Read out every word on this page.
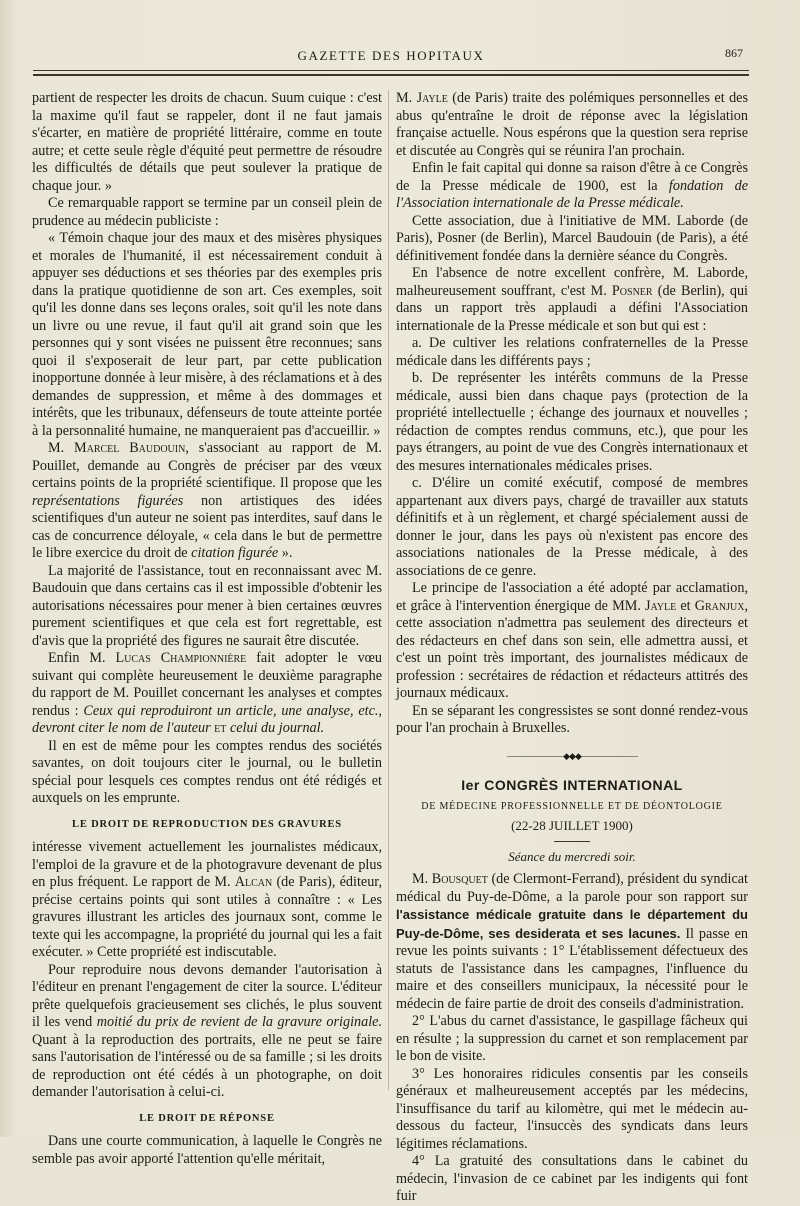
GAZETTE DES HOPITAUX	867

partient de respecter les droits de chacun. Suum cuique : c'est la maxime qu'il faut se rappeler, dont il ne faut jamais s'écarter, en matière de propriété littéraire, comme en toute autre; et cette seule règle d'équité peut permettre de résoudre les difficultés de détails que peut soulever la pratique de chaque jour. »

Ce remarquable rapport se termine par un conseil plein de prudence au médecin publiciste :

« Témoin chaque jour des maux et des misères physiques et morales de l'humanité, il est nécessairement conduit à appuyer ses déductions et ses théories par des exemples pris dans la pratique quotidienne de son art. Ces exemples, soit qu'il les donne dans ses leçons orales, soit qu'il les note dans un livre ou une revue, il faut qu'il ait grand soin que les personnes qui y sont visées ne puissent être reconnues; sans quoi il s'exposerait de leur part, par cette publication inopportune donnée à leur misère, à des réclamations et à des demandes de suppression, et même à des dommages et intérêts, que les tribunaux, défenseurs de toute atteinte portée à la personnalité humaine, ne manqueraient pas d'accueillir. »

M. Marcel Baudouin, s'associant au rapport de M. Pouillet, demande au Congrès de préciser par des vœux certains points de la propriété scientifique. Il propose que les représentations figurées non artistiques des idées scientifiques d'un auteur ne soient pas interdites, sauf dans le cas de concurrence déloyale, « cela dans le but de permettre le libre exercice du droit de citation figurée ».

La majorité de l'assistance, tout en reconnaissant avec M. Baudouin que dans certains cas il est impossible d'obtenir les autorisations nécessaires pour mener à bien certaines œuvres purement scientifiques et que cela est fort regrettable, est d'avis que la propriété des figures ne saurait être discutée.

Enfin M. Lucas Championnière fait adopter le vœu suivant qui complète heureusement le deuxième paragraphe du rapport de M. Pouillet concernant les analyses et comptes rendus : Ceux qui reproduiront un article, une analyse, etc., devront citer le nom de l'auteur et celui du journal.

Il en est de même pour les comptes rendus des sociétés savantes, on doit toujours citer le journal, ou le bulletin spécial pour lesquels ces comptes rendus ont été rédigés et auxquels on les emprunte.

LE DROIT DE REPRODUCTION DES GRAVURES

intéresse vivement actuellement les journalistes médicaux, l'emploi de la gravure et de la photogravure devenant de plus en plus fréquent. Le rapport de M. Alcan (de Paris), éditeur, précise certains points qui sont utiles à connaître : « Les gravures illustrant les articles des journaux sont, comme le texte qui les accompagne, la propriété du journal qui les a fait exécuter. » Cette propriété est indiscutable.

Pour reproduire nous devons demander l'autorisation à l'éditeur en prenant l'engagement de citer la source. L'éditeur prête quelquefois gracieusement ses clichés, le plus souvent il les vend moitié du prix de revient de la gravure originale. Quant à la reproduction des portraits, elle ne peut se faire sans l'autorisation de l'intéressé ou de sa famille ; si les droits de reproduction ont été cédés à un photographe, on doit demander l'autorisation à celui-ci.

LE DROIT DE RÉPONSE

Dans une courte communication, à laquelle le Congrès ne semble pas avoir apporté l'attention qu'elle méritait,

M. Jayle (de Paris) traite des polémiques personnelles et des abus qu'entraîne le droit de réponse avec la législation française actuelle. Nous espérons que la question sera reprise et discutée au Congrès qui se réunira l'an prochain.

Enfin le fait capital qui donne sa raison d'être à ce Congrès de la Presse médicale de 1900, est la fondation de l'Association internationale de la Presse médicale.

Cette association, due à l'initiative de MM. Laborde (de Paris), Posner (de Berlin), Marcel Baudouin (de Paris), a été définitivement fondée dans la dernière séance du Congrès.

En l'absence de notre excellent confrère, M. Laborde, malheureusement souffrant, c'est M. Posner (de Berlin), qui dans un rapport très applaudi a défini l'Association internationale de la Presse médicale et son but qui est :

a. De cultiver les relations confraternelles de la Presse médicale dans les différents pays ;

b. De représenter les intérêts communs de la Presse médicale, aussi bien dans chaque pays (protection de la propriété intellectuelle ; échange des journaux et nouvelles ; rédaction de comptes rendus communs, etc.), que pour les pays étrangers, au point de vue des Congrès internationaux et des mesures internationales médicales prises.

c. D'élire un comité exécutif, composé de membres appartenant aux divers pays, chargé de travailler aux statuts définitifs et à un règlement, et chargé spécialement aussi de donner le jour, dans les pays où n'existent pas encore des associations nationales de la Presse médicale, à des associations de ce genre.

Le principe de l'association a été adopté par acclamation, et grâce à l'intervention énergique de MM. Jayle et Granjux, cette association n'admettra pas seulement des directeurs et des rédacteurs en chef dans son sein, elle admettra aussi, et c'est un point très important, des journalistes médicaux de profession : secrétaires de rédaction et rédacteurs attitrés des journaux médicaux.

En se séparant les congressistes se sont donné rendez-vous pour l'an prochain à Bruxelles.

———————◆◆◆———————
Ier CONGRÈS INTERNATIONAL
DE MÉDECINE PROFESSIONNELLE ET DE DÉONTOLOGIE
(22-28 JUILLET 1900)
Séance du mercredi soir.

M. Bousquet (de Clermont-Ferrand), président du syndicat médical du Puy-de-Dôme, a la parole pour son rapport sur l'assistance médicale gratuite dans le département du Puy-de-Dôme, ses desiderata et ses lacunes. Il passe en revue les points suivants : 1° L'établissement défectueux des statuts de l'assistance dans les campagnes, l'influence du maire et des conseillers municipaux, la nécessité pour le médecin de faire partie de droit des conseils d'administration.

2° L'abus du carnet d'assistance, le gaspillage fâcheux qui en résulte ; la suppression du carnet et son remplacement par le bon de visite.

3° Les honoraires ridicules consentis par les conseils généraux et malheureusement acceptés par les médecins, l'insuffisance du tarif au kilomètre, qui met le médecin au-dessous du facteur, l'insuccès des syndicats dans leurs légitimes réclamations.

4° La gratuité des consultations dans le cabinet du médecin, l'invasion de ce cabinet par les indigents qui font fuir
